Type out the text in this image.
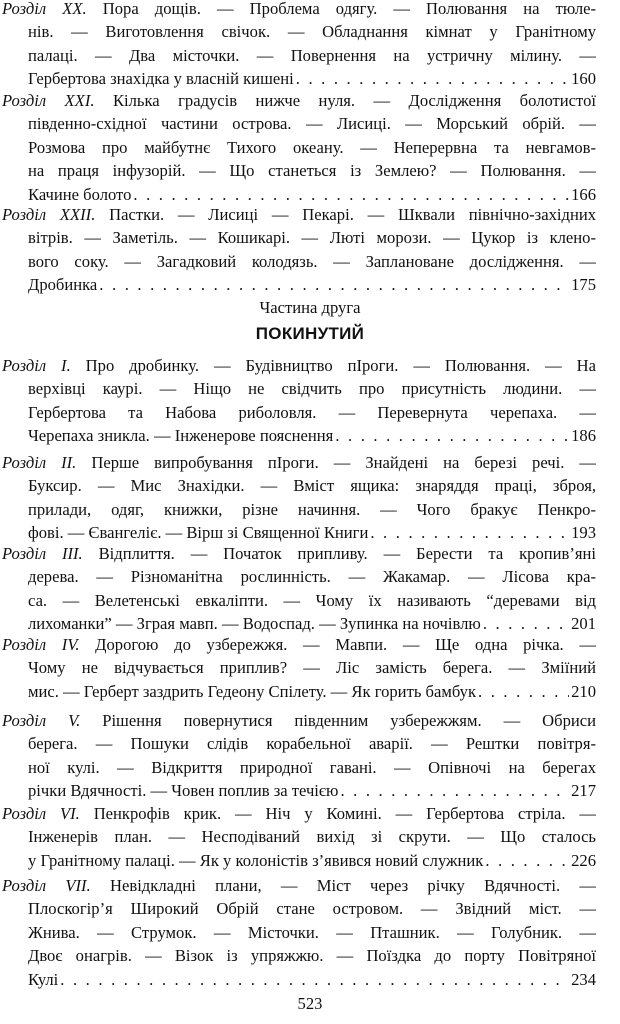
Розділ ХХ. Пора дощів. — Проблема одягу. — Полювання на тюле-
нів. — Виготовлення свічок. — Обладнання кімнат у Гранітному
палаці. — Два місточки. — Повернення на устричну мілину. —
Гербертова знахідка у власній кишені . . .	160
Розділ ХХІ. Кілька градусів нижче нуля. — Дослідження болотистої
південно-східної частини острова. — Лисиці. — Морський обрій. —
Розмова про майбутнє Тихого океану. — Неперервна та невгамов-
на праця інфузорій. — Що станеться із Землею? — Полювання. —
Качине болото . . .	166
Розділ ХХІІ. Пастки. — Лисиці — Пекарі. — Шквали північно-західних
вітрів. — Заметіль. — Кошикарі. — Люті морози. — Цукор із клено-
вого соку. — Загадковий колодязь. — Заплановане дослідження. —
Дробинка . . .	175
Частина друга
ПОКИНУТИЙ
Розділ І. Про дробинку. — Будівництво пІроги. — Полювання. — На
верхівці каурі. — Ніщо не свідчить про присутність людини. —
Гербертова та Набова риболовля. — Перевернута черепаха. —
Черепаха зникла. — Інженерове пояснення . . .	186
Розділ ІІ. Перше випробування пІроги. — Знайдені на березі речі. —
Буксир. — Мис Знахідки. — Вміст ящика: знаряддя праці, зброя,
прилади, одяг, книжки, різне начиння. — Чого бракує Пенкро-
фові. — Євангеліє. — Вірш зі Священної Книги . . .	193
Розділ ІІІ. Відплиття. — Початок припливу. — Берести та кропив’яні
дерева. — Різноманітна рослинність. — Жакамар. — Лісова кра-
са. — Велетенські евкаліпти. — Чому їх називають “деревами від
лихоманки” — Зграя мавп. — Водоспад. — Зупинка на ночівлю . . .	201
Розділ IV. Дорогою до узбережжя. — Мавпи. — Ще одна річка. —
Чому не відчувається приплив? — Ліс замість берега. — Зміїний
мис. — Герберт заздрить Гедеону Спілету. — Як горить бамбук . . .	210
Розділ V. Рішення повернутися південним узбережжям. — Обриси
берега. — Пошуки слідів корабельної аварії. — Рештки повітря-
ної кулі. — Відкриття природної гавані. — Опівночі на берегах
річки Вдячності. — Човен поплив за течією . . .	217
Розділ VI. Пенкрофів крик. — Ніч у Комині. — Гербертова стріла. —
Інженерів план. — Несподіваний вихід зі скрути. — Що сталось
у Гранітному палаці. — Як у колоністів з’явився новий служник . . .	226
Розділ VII. Невідкладні плани, — Міст через річку Вдячності. —
Плоскогір’я Широкий Обрій стане островом. — Звідний міст. —
Жнива. — Струмок. — Місточки. — Пташник. — Голубник. —
Двоє онагрів. — Візок із упряжжю. — Поїздка до порту Повітряної
Кулі . . .	234
523
